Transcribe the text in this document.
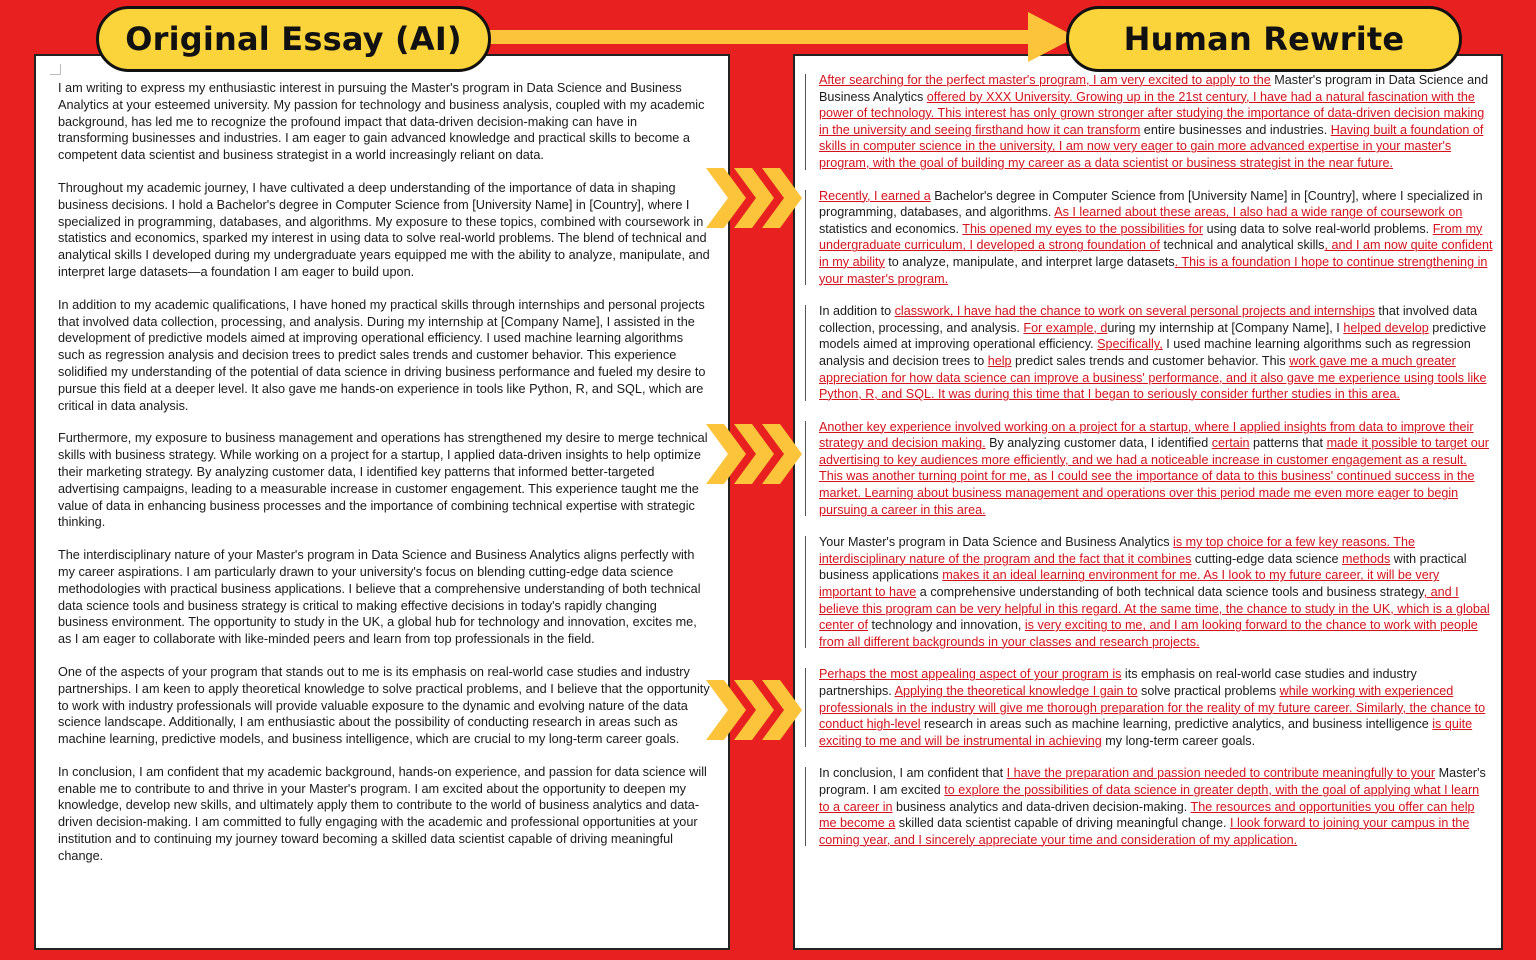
Original Essay (AI)	Human Rewrite

I am writing to express my enthusiastic interest in pursuing the Master's program in Data Science and Business Analytics at your esteemed university. My passion for technology and business analysis, coupled with my academic background, has led me to recognize the profound impact that data-driven decision-making can have in transforming businesses and industries. I am eager to gain advanced knowledge and practical skills to become a competent data scientist and business strategist in a world increasingly reliant on data.

Throughout my academic journey, I have cultivated a deep understanding of the importance of data in shaping business decisions. I hold a Bachelor's degree in Computer Science from [University Name] in [Country], where I specialized in programming, databases, and algorithms. My exposure to these topics, combined with coursework in statistics and economics, sparked my interest in using data to solve real-world problems. The blend of technical and analytical skills I developed during my undergraduate years equipped me with the ability to analyze, manipulate, and interpret large datasets—a foundation I am eager to build upon.

In addition to my academic qualifications, I have honed my practical skills through internships and personal projects that involved data collection, processing, and analysis. During my internship at [Company Name], I assisted in the development of predictive models aimed at improving operational efficiency. I used machine learning algorithms such as regression analysis and decision trees to predict sales trends and customer behavior. This experience solidified my understanding of the potential of data science in driving business performance and fueled my desire to pursue this field at a deeper level. It also gave me hands-on experience in tools like Python, R, and SQL, which are critical in data analysis.

Furthermore, my exposure to business management and operations has strengthened my desire to merge technical skills with business strategy. While working on a project for a startup, I applied data-driven insights to help optimize their marketing strategy. By analyzing customer data, I identified key patterns that informed better-targeted advertising campaigns, leading to a measurable increase in customer engagement. This experience taught me the value of data in enhancing business processes and the importance of combining technical expertise with strategic thinking.

The interdisciplinary nature of your Master's program in Data Science and Business Analytics aligns perfectly with my career aspirations. I am particularly drawn to your university's focus on blending cutting-edge data science methodologies with practical business applications. I believe that a comprehensive understanding of both technical data science tools and business strategy is critical to making effective decisions in today's rapidly changing business environment. The opportunity to study in the UK, a global hub for technology and innovation, excites me, as I am eager to collaborate with like-minded peers and learn from top professionals in the field.

One of the aspects of your program that stands out to me is its emphasis on real-world case studies and industry partnerships. I am keen to apply theoretical knowledge to solve practical problems, and I believe that the opportunity to work with industry professionals will provide valuable exposure to the dynamic and evolving nature of the data science landscape. Additionally, I am enthusiastic about the possibility of conducting research in areas such as machine learning, predictive models, and business intelligence, which are crucial to my long-term career goals.

In conclusion, I am confident that my academic background, hands-on experience, and passion for data science will enable me to contribute to and thrive in your Master's program. I am excited about the opportunity to deepen my knowledge, develop new skills, and ultimately apply them to contribute to the world of business analytics and data-driven decision-making. I am committed to fully engaging with the academic and professional opportunities at your institution and to continuing my journey toward becoming a skilled data scientist capable of driving meaningful change.

After searching for the perfect master's program, I am very excited to apply to the Master's program in Data Science and Business Analytics offered by XXX University. Growing up in the 21st century, I have had a natural fascination with the power of technology. This interest has only grown stronger after studying the importance of data-driven decision making in the university and seeing firsthand how it can transform entire businesses and industries. Having built a foundation of skills in computer science in the university, I am now very eager to gain more advanced expertise in your master's program, with the goal of building my career as a data scientist or business strategist in the near future.

Recently, I earned a Bachelor's degree in Computer Science from [University Name] in [Country], where I specialized in programming, databases, and algorithms. As I learned about these areas, I also had a wide range of coursework on statistics and economics. This opened my eyes to the possibilities for using data to solve real-world problems. From my undergraduate curriculum, I developed a strong foundation of technical and analytical skills, and I am now quite confident in my ability to analyze, manipulate, and interpret large datasets. This is a foundation I hope to continue strengthening in your master's program.

In addition to classwork, I have had the chance to work on several personal projects and internships that involved data collection, processing, and analysis. For example, during my internship at [Company Name], I helped develop predictive models aimed at improving operational efficiency. Specifically, I used machine learning algorithms such as regression analysis and decision trees to help predict sales trends and customer behavior. This work gave me a much greater appreciation for how data science can improve a business' performance, and it also gave me experience using tools like Python, R, and SQL. It was during this time that I began to seriously consider further studies in this area.

Another key experience involved working on a project for a startup, where I applied insights from data to improve their strategy and decision making. By analyzing customer data, I identified certain patterns that made it possible to target our advertising to key audiences more efficiently, and we had a noticeable increase in customer engagement as a result. This was another turning point for me, as I could see the importance of data to this business' continued success in the market. Learning about business management and operations over this period made me even more eager to begin pursuing a career in this area.

Your Master's program in Data Science and Business Analytics is my top choice for a few key reasons. The interdisciplinary nature of the program and the fact that it combines cutting-edge data science methods with practical business applications makes it an ideal learning environment for me. As I look to my future career, it will be very important to have a comprehensive understanding of both technical data science tools and business strategy, and I believe this program can be very helpful in this regard. At the same time, the chance to study in the UK, which is a global center of technology and innovation, is very exciting to me, and I am looking forward to the chance to work with people from all different backgrounds in your classes and research projects.

Perhaps the most appealing aspect of your program is its emphasis on real-world case studies and industry partnerships. Applying the theoretical knowledge I gain to solve practical problems while working with experienced professionals in the industry will give me thorough preparation for the reality of my future career. Similarly, the chance to conduct high-level research in areas such as machine learning, predictive analytics, and business intelligence is quite exciting to me and will be instrumental in achieving my long-term career goals.

In conclusion, I am confident that I have the preparation and passion needed to contribute meaningfully to your Master's program. I am excited to explore the possibilities of data science in greater depth, with the goal of applying what I learn to a career in business analytics and data-driven decision-making. The resources and opportunities you offer can help me become a skilled data scientist capable of driving meaningful change. I look forward to joining your campus in the coming year, and I sincerely appreciate your time and consideration of my application.
